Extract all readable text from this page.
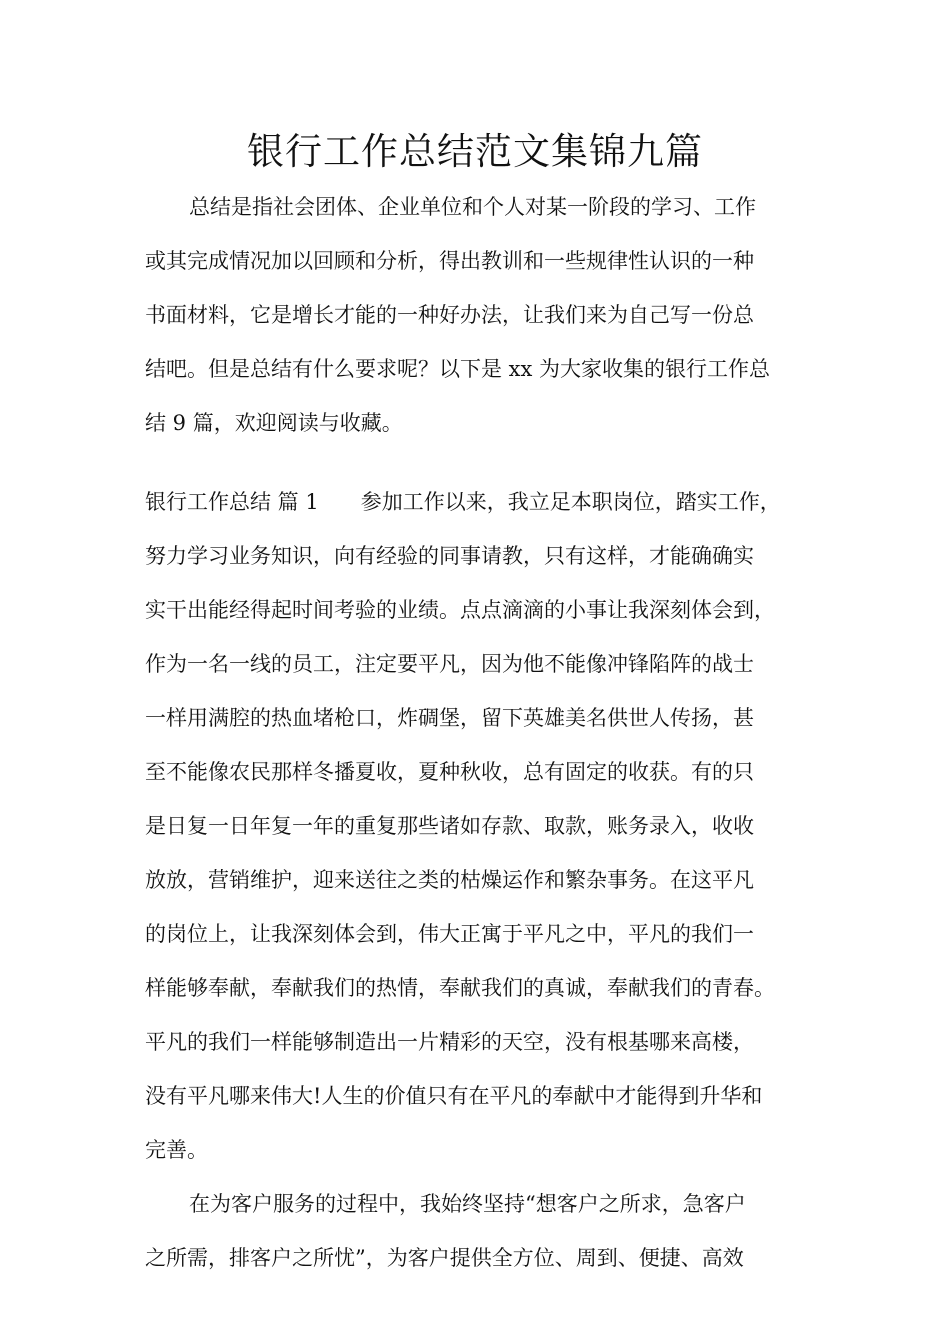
银行工作总结范文集锦九篇
总结是指社会团体、企业单位和个人对某一阶段的学习、工作
或其完成情况加以回顾和分析，得出教训和一些规律性认识的一种
书面材料，它是增长才能的一种好办法，让我们来为自己写一份总
结吧。但是总结有什么要求呢？以下是 xx 为大家收集的银行工作总
结 9 篇，欢迎阅读与收藏。
银行工作总结 篇 1 参加工作以来，我立足本职岗位，踏实工作，
努力学习业务知识，向有经验的同事请教，只有这样，才能确确实
实干出能经得起时间考验的业绩。点点滴滴的小事让我深刻体会到，
作为一名一线的员工，注定要平凡，因为他不能像冲锋陷阵的战士
一样用满腔的热血堵枪口，炸碉堡，留下英雄美名供世人传扬，甚
至不能像农民那样冬播夏收，夏种秋收，总有固定的收获。有的只
是日复一日年复一年的重复那些诸如存款、取款，账务录入，收收
放放，营销维护，迎来送往之类的枯燥运作和繁杂事务。在这平凡
的岗位上，让我深刻体会到，伟大正寓于平凡之中，平凡的我们一
样能够奉献，奉献我们的热情，奉献我们的真诚，奉献我们的青春。
平凡的我们一样能够制造出一片精彩的天空，没有根基哪来高楼，
没有平凡哪来伟大!人生的价值只有在平凡的奉献中才能得到升华和
完善。
在为客户服务的过程中，我始终坚持“想客户之所求，急客户
之所需，排客户之所忧”，为客户提供全方位、周到、便捷、高效
